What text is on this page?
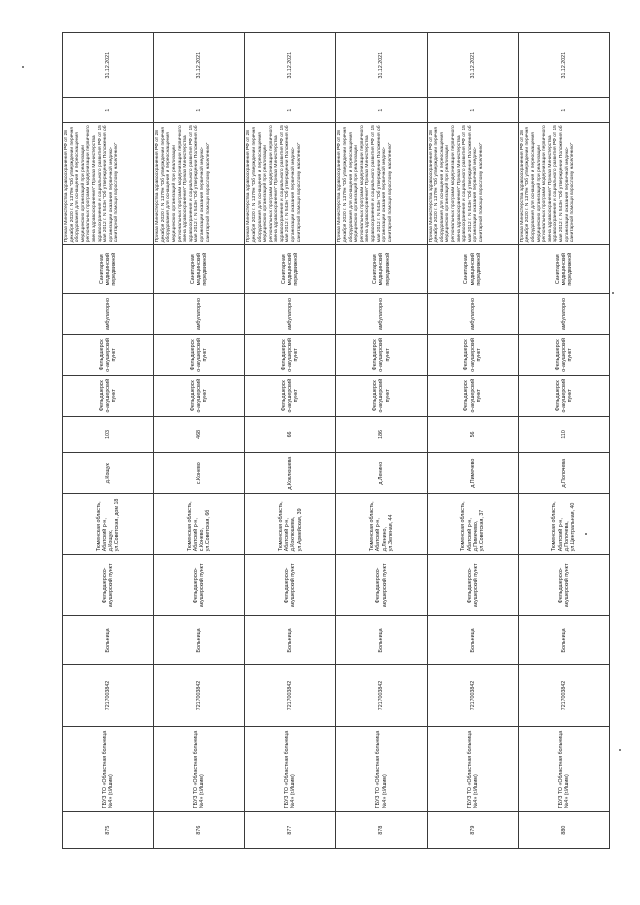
875	ГБУЗ ТО «Областная больница №4» (г.Ишим)	7217003842	Больница	Фельдшерско-акушерский пункт	Тюменская область, Абатский р-н, д.Кощук, ул.Советская, дом 18	д.Кощук	103	Фельдшерско-акушерский пункт	Фельдшерско-акушерский пункт	амбулаторно	Санитарная медицинский передвижной	Приказ Министерства здравоохранения РФ от 28 декабря 2020 г. N 1379н "Об утверждении перечня оборудования для оснащения и переоснащения медицинских организаций при реализации региональных программ модернизации первичного звена здравоохранения" Приказ Министерства здравоохранения и социального развития РФ от 15 мая 2012 г. N 543н "Об утверждении Положения об организации оказания первичной медико-санитарной помощи взрослому населению"	1	31.12.2021
876	ГБУЗ ТО «Областная больница №4» (г.Ишим)	7217003842	Больница	Фельдшерско-акушерский пункт	Тюменская область, Абатский р-н, с.Конево, ул.Советская, 6б	с.Конево	468	Фельдшерско-акушерский пункт	Фельдшерско-акушерский пункт	амбулаторно	Санитарная медицинский передвижной	Приказ Министерства здравоохранения РФ от 28 декабря 2020 г. N 1379н "Об утверждении перечня оборудования для оснащения и переоснащения медицинских организаций при реализации региональных программ модернизации первичного звена здравоохранения" Приказ Министерства здравоохранения и социального развития РФ от 15 мая 2012 г. N 543н "Об утверждении Положения об организации оказания первичной медико-санитарной помощи взрослому населению"	1	31.12.2021
877	ГБУЗ ТО «Областная больница №4» (г.Ишим)	7217003842	Больница	Фельдшерско-акушерский пункт	Тюменская область, Абатский р-н, д.Коклюшева, ул.Армейская, 39	д.Коклюшева	66	Фельдшерско-акушерский пункт	Фельдшерско-акушерский пункт	амбулаторно	Санитарная медицинский передвижной	Приказ Министерства здравоохранения РФ от 28 декабря 2020 г. N 1379н "Об утверждении перечня оборудования для оснащения и переоснащения медицинских организаций при реализации региональных программ модернизации первичного звена здравоохранения" Приказ Министерства здравоохранения и социального развития РФ от 15 мая 2012 г. N 543н "Об утверждении Положения об организации оказания первичной медико-санитарной помощи взрослому населению"	1	31.12.2021
878	ГБУЗ ТО «Областная больница №4» (г.Ишим)	7217003842	Больница	Фельдшерско-акушерский пункт	Тюменская область, Абатский р-н, д.Ленино, ул.Зеленая, 44	д.Ленино	186	Фельдшерско-акушерский пункт	Фельдшерско-акушерский пункт	амбулаторно	Санитарная медицинский передвижной	Приказ Министерства здравоохранения РФ от 28 декабря 2020 г. N 1379н "Об утверждении перечня оборудования для оснащения и переоснащения медицинских организаций при реализации региональных программ модернизации первичного звена здравоохранения" Приказ Министерства здравоохранения и социального развития РФ от 15 мая 2012 г. N 543н "Об утверждении Положения об организации оказания первичной медико-санитарной помощи взрослому населению"	1	31.12.2021
879	ГБУЗ ТО «Областная больница №4» (г.Ишим)	7217003842	Больница	Фельдшерско-акушерский пункт	Тюменская область, Абатский р-н, д.Пимечево, ул.Советская, 37	д.Пимечево	56	Фельдшерско-акушерский пункт	Фельдшерско-акушерский пункт	амбулаторно	Санитарная медицинский передвижной	Приказ Министерства здравоохранения РФ от 28 декабря 2020 г. N 1379н "Об утверждении перечня оборудования для оснащения и переоснащения медицинских организаций при реализации региональных программ модернизации первичного звена здравоохранения" Приказ Министерства здравоохранения и социального развития РФ от 15 мая 2012 г. N 543н "Об утверждении Положения об организации оказания первичной медико-санитарной помощи взрослому населению"	1	31.12.2021
880	ГБУЗ ТО «Областная больница №4» (г.Ишим)	7217003842	Больница	Фельдшерско-акушерский пункт	Тюменская область, Абатский р-н, д.Полочева, ул.Центральная, 40	д.Полочева	110	Фельдшерско-акушерский пункт	Фельдшерско-акушерский пункт	амбулаторно	Санитарная медицинский передвижной	Приказ Министерства здравоохранения РФ от 28 декабря 2020 г. N 1379н "Об утверждении перечня оборудования для оснащения и переоснащения медицинских организаций при реализации региональных программ модернизации первичного звена здравоохранения" Приказ Министерства здравоохранения и социального развития РФ от 15 мая 2012 г. N 543н "Об утверждении Положения об организации оказания первичной медико-санитарной помощи взрослому населению"	1	31.12.2021
